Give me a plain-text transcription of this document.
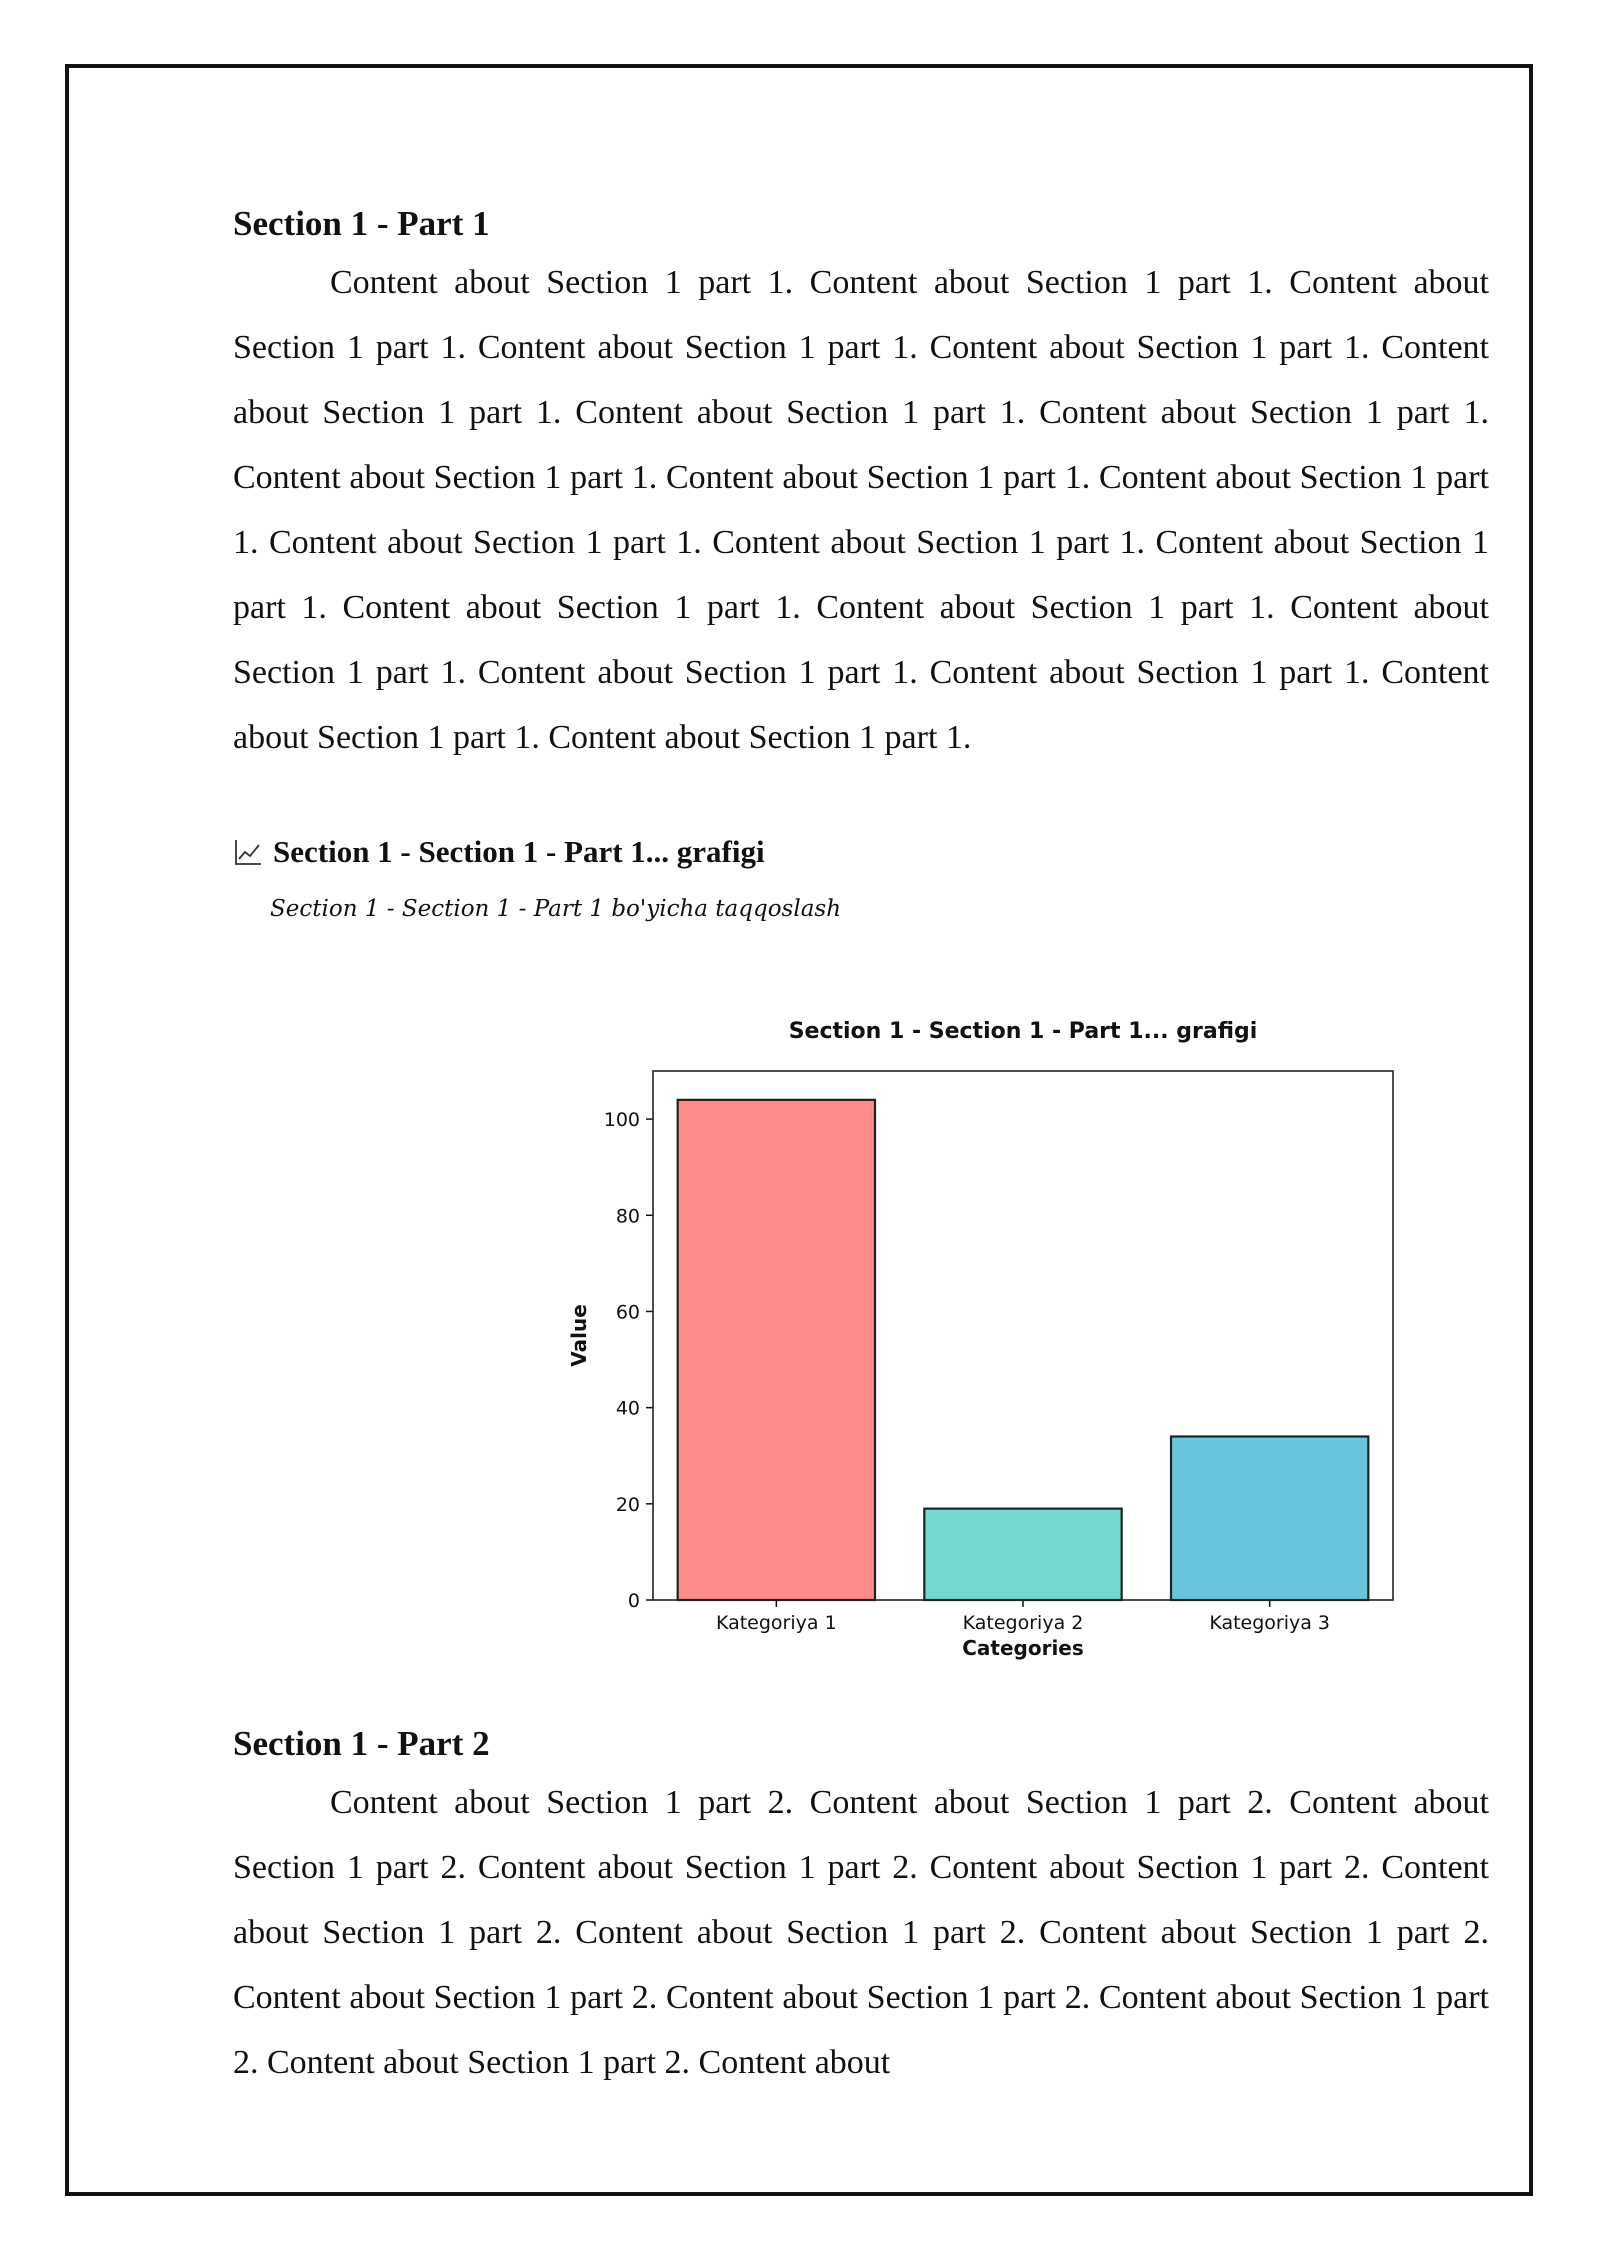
Section 1 - Part 1

Content about Section 1 part 1. Content about Section 1 part 1. Content about Section 1 part 1. Content about Section 1 part 1. Content about Section 1 part 1. Content about Section 1 part 1. Content about Section 1 part 1. Content about Section 1 part 1. Content about Section 1 part 1. Content about Section 1 part 1. Content about Section 1 part 1. Content about Section 1 part 1. Content about Section 1 part 1. Content about Section 1 part 1. Content about Section 1 part 1. Content about Section 1 part 1. Content about Section 1 part 1. Content about Section 1 part 1. Content about Section 1 part 1. Content about Section 1 part 1. Content about Section 1 part 1.

Section 1 - Section 1 - Part 1... grafigi
Section 1 - Section 1 - Part 1 bo'yicha taqqoslash
Section 1 - Section 1 - Part 1... grafigi
Kategoriya 1	Kategoriya 2	Kategoriya 3
0
20
40
60
80
100
Categories
Value
Section 1 - Part 2

Content about Section 1 part 2. Content about Section 1 part 2. Content about Section 1 part 2. Content about Section 1 part 2. Content about Section 1 part 2. Content about Section 1 part 2. Content about Section 1 part 2. Content about Section 1 part 2. Content about Section 1 part 2. Content about Section 1 part 2. Content about Section 1 part 2. Content about Section 1 part 2. Content about
